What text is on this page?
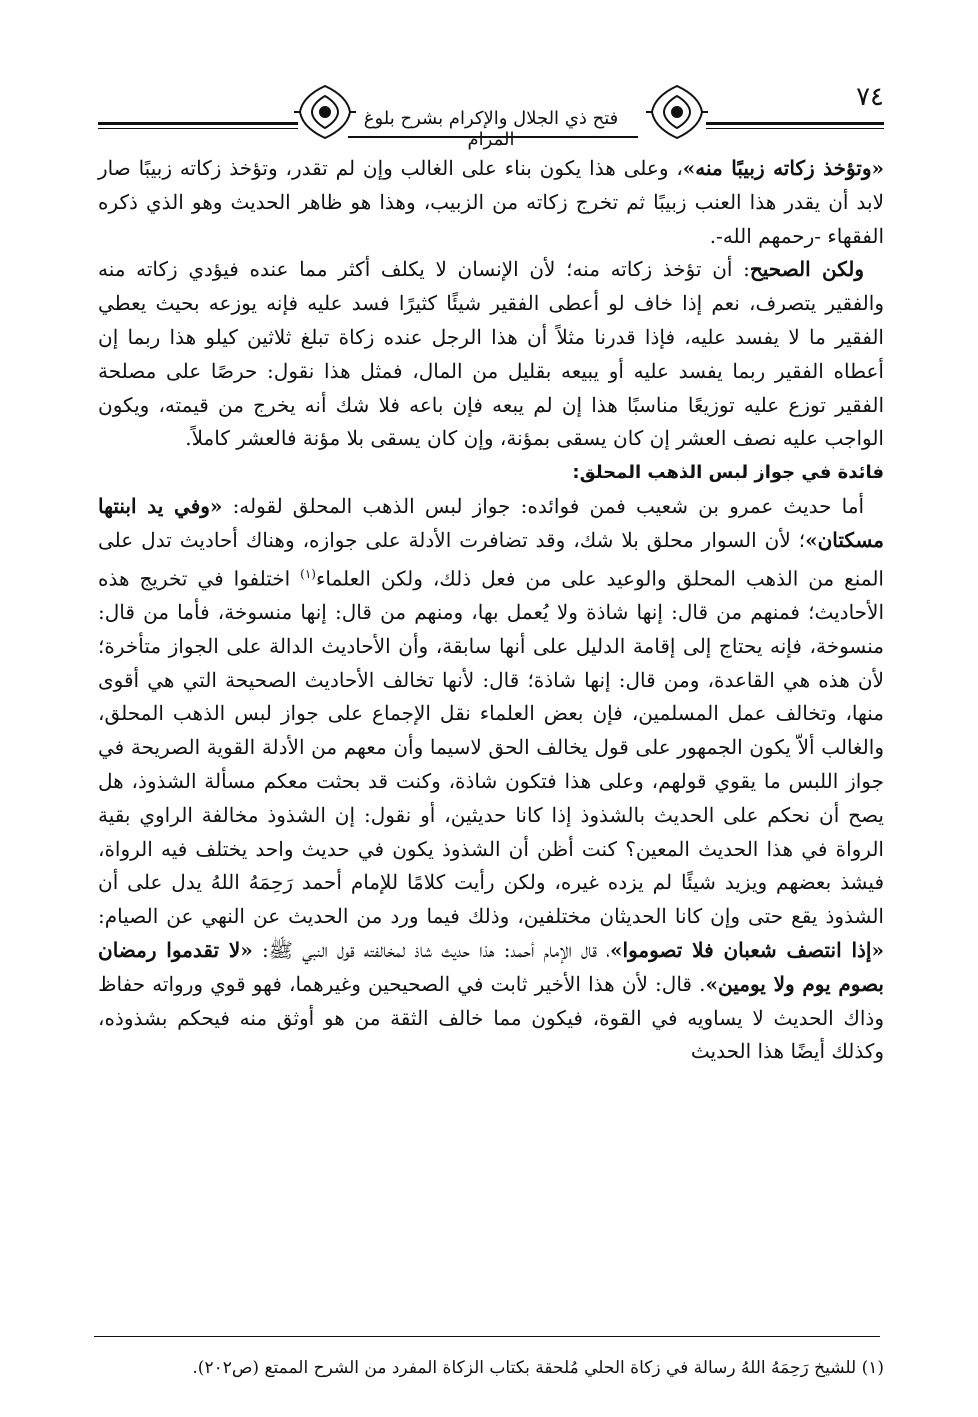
٧٤
فتح ذي الجلال والإكرام بشرح بلوغ المرام

«وتؤخذ زكاته زبيبًا منه»، وعلى هذا يكون بناء على الغالب وإن لم تقدر، وتؤخذ زكاته زبيبًا صار لابد أن يقدر هذا العنب زبيبًا ثم تخرج زكاته من الزبيب، وهذا هو ظاهر الحديث وهو الذي ذكره الفقهاء -رحمهم الله-.

ولكن الصحيح: أن تؤخذ زكاته منه؛ لأن الإنسان لا يكلف أكثر مما عنده فيؤدي زكاته منه والفقير يتصرف، نعم إذا خاف لو أعطى الفقير شيئًا كثيرًا فسد عليه فإنه يوزعه بحيث يعطي الفقير ما لا يفسد عليه، فإذا قدرنا مثلاً أن هذا الرجل عنده زكاة تبلغ ثلاثين كيلو هذا ربما إن أعطاه الفقير ربما يفسد عليه أو يبيعه بقليل من المال، فمثل هذا نقول: حرصًا على مصلحة الفقير توزع عليه توزيعًا مناسبًا هذا إن لم يبعه فإن باعه فلا شك أنه يخرج من قيمته، ويكون الواجب عليه نصف العشر إن كان يسقى بمؤنة، وإن كان يسقى بلا مؤنة فالعشر كاملاً.

فائدة في جواز لبس الذهب المحلق:

أما حديث عمرو بن شعيب فمن فوائده: جواز لبس الذهب المحلق لقوله: «وفي يد ابنتها مسكتان»؛ لأن السوار محلق بلا شك، وقد تضافرت الأدلة على جوازه، وهناك أحاديث تدل على المنع من الذهب المحلق والوعيد على من فعل ذلك، ولكن العلماء$^{(١)}$ اختلفوا في تخريج هذه الأحاديث؛ فمنهم من قال: إنها شاذة ولا يُعمل بها، ومنهم من قال: إنها منسوخة، فأما من قال: منسوخة، فإنه يحتاج إلى إقامة الدليل على أنها سابقة، وأن الأحاديث الدالة على الجواز متأخرة؛ لأن هذه هي القاعدة، ومن قال: إنها شاذة؛ قال: لأنها تخالف الأحاديث الصحيحة التي هي أقوى منها، وتخالف عمل المسلمين، فإن بعض العلماء نقل الإجماع على جواز لبس الذهب المحلق، والغالب ألاّ يكون الجمهور على قول يخالف الحق لاسيما وأن معهم من الأدلة القوية الصريحة في جواز اللبس ما يقوي قولهم، وعلى هذا فتكون شاذة، وكنت قد بحثت معكم مسألة الشذوذ، هل يصح أن نحكم على الحديث بالشذوذ إذا كانا حديثين، أو نقول: إن الشذوذ مخالفة الراوي بقية الرواة في هذا الحديث المعين؟ كنت أظن أن الشذوذ يكون في حديث واحد يختلف فيه الرواة، فيشذ بعضهم ويزيد شيئًا لم يزده غيره، ولكن رأيت كلامًا للإمام أحمد رَحِمَهُ اللهُ يدل على أن الشذوذ يقع حتى وإن كانا الحديثان مختلفين، وذلك فيما ورد من الحديث عن النهي عن الصيام: «إذا انتصف شعبان فلا تصوموا»، قال الإمام أحمد: هذا حديث شاذ لمخالفته قول النبي ﷺ: «لا تقدموا رمضان بصوم يوم ولا يومين». قال: لأن هذا الأخير ثابت في الصحيحين وغيرهما، فهو قوي ورواته حفاظ وذاك الحديث لا يساويه في القوة، فيكون مما خالف الثقة من هو أوثق منه فيحكم بشذوذه، وكذلك أيضًا هذا الحديث

(١) للشيخ رَحِمَهُ اللهُ رسالة في زكاة الحلي مُلحقة بكتاب الزكاة المفرد من الشرح الممتع (ص٢٠٢).
